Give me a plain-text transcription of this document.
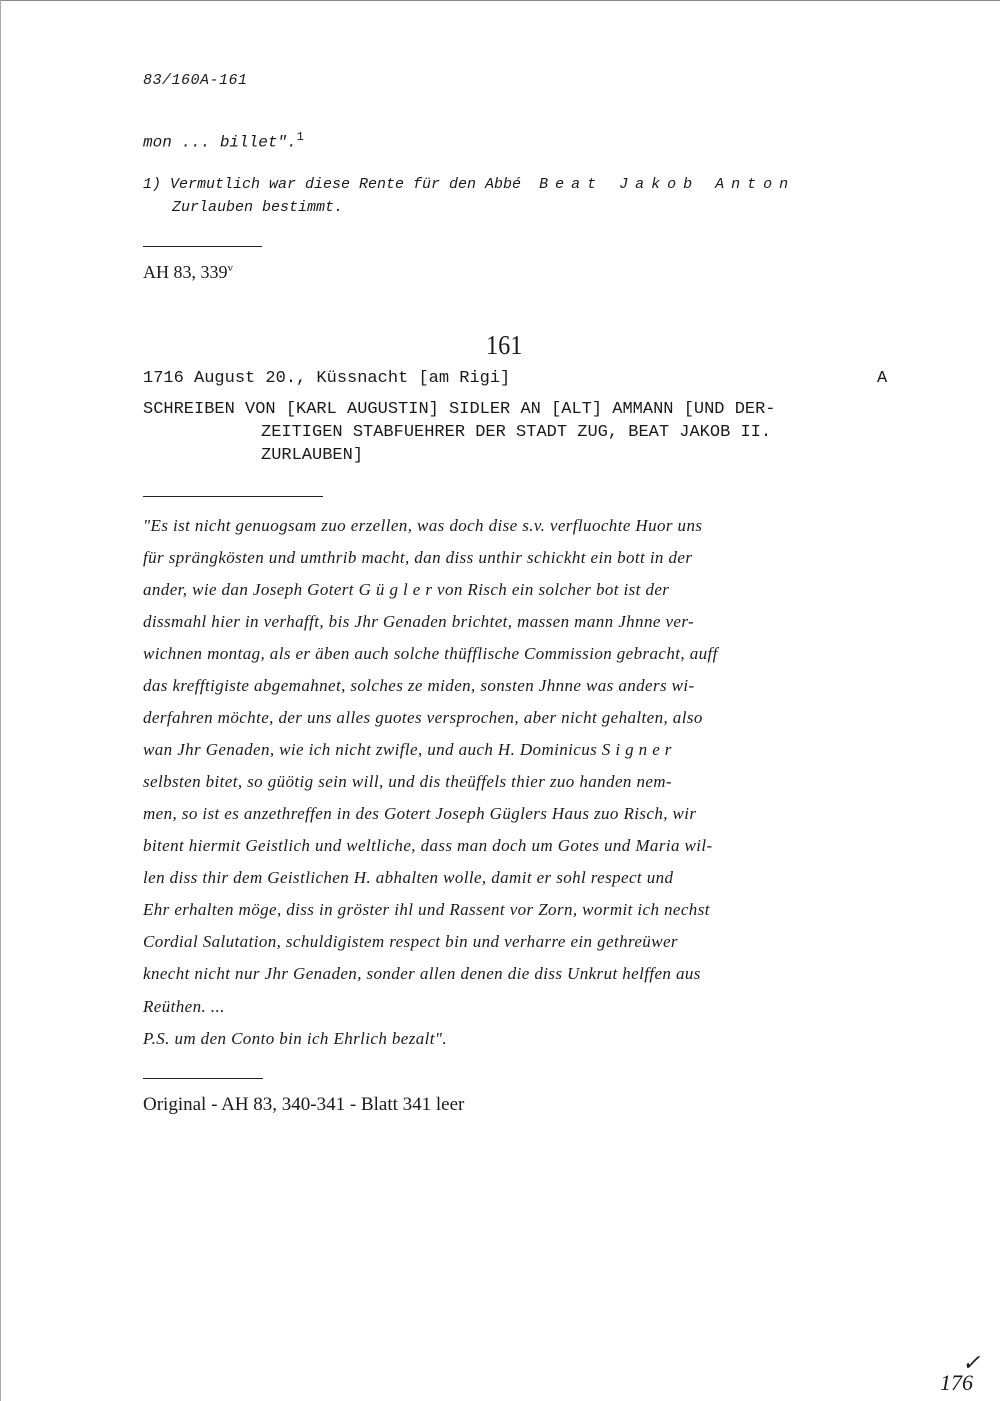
83/160A-161
mon ... billet".$^1$
1) Vermutlich war diese Rente für den Abbé Beat Jakob Anton
Zurlauben bestimmt.
AH 83, 339$^v$
161
1716 August 20., Küssnacht [am Rigi]	A
SCHREIBEN VON [KARL AUGUSTIN] SIDLER AN [ALT] AMMANN [UND DER-
ZEITIGEN STABFUEHRER DER STADT ZUG, BEAT JAKOB II.
ZURLAUBEN]
"Es ist nicht genuogsam zuo erzellen, was doch dise s.v. verfluochte Huor uns
für sprängkösten und umthrib macht, dan diss unthir schickht ein bott in der
ander, wie dan Joseph Gotert G ü g l e r von Risch ein solcher bot ist der
dissmahl hier in verhafft, bis Jhr Genaden brichtet, massen mann Jhnne ver-
wichnen montag, als er äben auch solche thüfflische Commission gebracht, auff
das krefftigiste abgemahnet, solches ze miden, sonsten Jhnne was anders wi-
derfahren möchte, der uns alles guotes versprochen, aber nicht gehalten, also
wan Jhr Genaden, wie ich nicht zwifle, und auch H. Dominicus S i g n e r
selbsten bitet, so güötig sein will, und dis theüffels thier zuo handen nem-
men, so ist es anzethreffen in des Gotert Joseph Güglers Haus zuo Risch, wir
bitent hiermit Geistlich und weltliche, dass man doch um Gotes und Maria wil-
len diss thir dem Geistlichen H. abhalten wolle, damit er sohl respect und
Ehr erhalten möge, diss in gröster ihl und Rassent vor Zorn, wormit ich nechst
Cordial Salutation, schuldigistem respect bin und verharre ein gethreüwer
knecht nicht nur Jhr Genaden, sonder allen denen die diss Unkrut helffen aus
Reüthen. ...
P.S. um den Conto bin ich Ehrlich bezalt".
Original - AH 83, 340-341 - Blatt 341 leer
✓
176
